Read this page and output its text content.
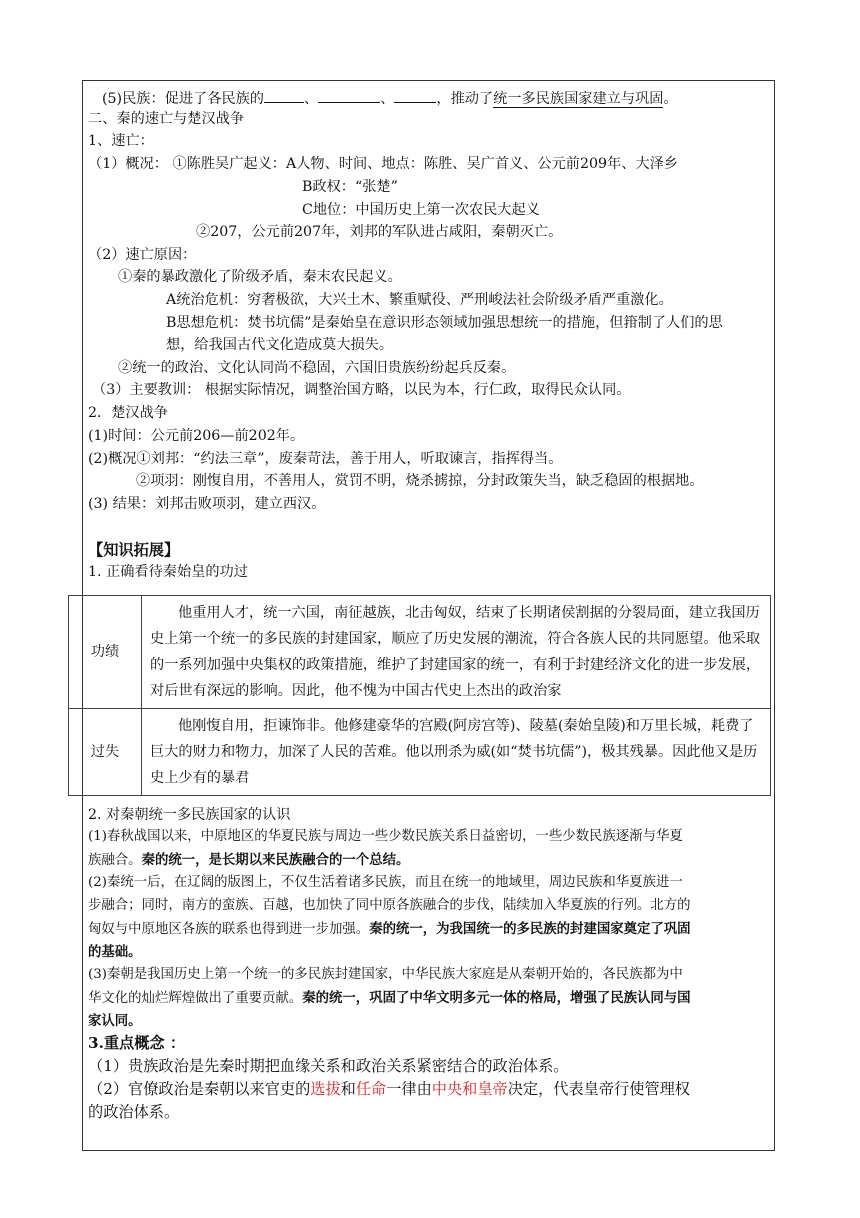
(5)民族：促进了各民族的	、	、	，推动了统一多民族国家建立与巩固。
二、秦的速亡与楚汉战争
1、速亡：
（1）概况： ①陈胜吴广起义：A人物、时间、地点：陈胜、吴广首义、公元前209年、大泽乡
B政权：“张楚”
C地位：中国历史上第一次农民大起义
②207，公元前207年，刘邦的军队进占咸阳，秦朝灭亡。
（2）速亡原因：
①秦的暴政激化了阶级矛盾，秦末农民起义。
A统治危机：穷奢极欲，大兴土木、繁重赋役、严刑峻法社会阶级矛盾严重激化。
B思想危机：焚书坑儒”是秦始皇在意识形态领域加强思想统一的措施，但箝制了人们的思
想，给我国古代文化造成莫大损失。
②统一的政治、文化认同尚不稳固，六国旧贵族纷纷起兵反秦。
（3）主要教训： 根据实际情况，调整治国方略，以民为本，行仁政，取得民众认同。
2．楚汉战争
(1)时间：公元前206—前202年。
(2)概况①刘邦：“约法三章”，废秦苛法，善于用人，听取谏言，指挥得当。
②项羽：刚愎自用，不善用人，赏罚不明，烧杀掳掠，分封政策失当，缺乏稳固的根据地。
(3) 结果：刘邦击败项羽，建立西汉。
【知识拓展】
1. 正确看待秦始皇的功过
功绩	他重用人才，统一六国，南征越族，北击匈奴，结束了长期诸侯割据的分裂局面，建立我国历史上第一个统一的多民族的封建国家，顺应了历史发展的潮流，符合各族人民的共同愿望。他采取的一系列加强中央集权的政策措施，维护了封建国家的统一，有利于封建经济文化的进一步发展，对后世有深远的影响。因此，他不愧为中国古代史上杰出的政治家
过失	他刚愎自用，拒谏饰非。他修建豪华的宫殿(阿房宫等)、陵墓(秦始皇陵)和万里长城，耗费了巨大的财力和物力，加深了人民的苦难。他以刑杀为威(如“焚书坑儒”)，极其残暴。因此他又是历史上少有的暴君
2. 对秦朝统一多民族国家的认识
(1)春秋战国以来，中原地区的华夏民族与周边一些少数民族关系日益密切，一些少数民族逐渐与华夏
族融合。秦的统一，是长期以来民族融合的一个总结。
(2)秦统一后，在辽阔的版图上，不仅生活着诸多民族，而且在统一的地域里，周边民族和华夏族进一
步融合；同时，南方的蛮族、百越，也加快了同中原各族融合的步伐，陆续加入华夏族的行列。北方的
匈奴与中原地区各族的联系也得到进一步加强。秦的统一，为我国统一的多民族的封建国家奠定了巩固
的基础。
(3)秦朝是我国历史上第一个统一的多民族封建国家，中华民族大家庭是从秦朝开始的，各民族都为中
华文化的灿烂辉煌做出了重要贡献。秦的统一，巩固了中华文明多元一体的格局，增强了民族认同与国
家认同。
3.重点概念 ：
（1）贵族政治是先秦时期把血缘关系和政治关系紧密结合的政治体系。
（2）官僚政治是秦朝以来官吏的选拔和任命一律由中央和皇帝决定，代表皇帝行使管理权
的政治体系。
